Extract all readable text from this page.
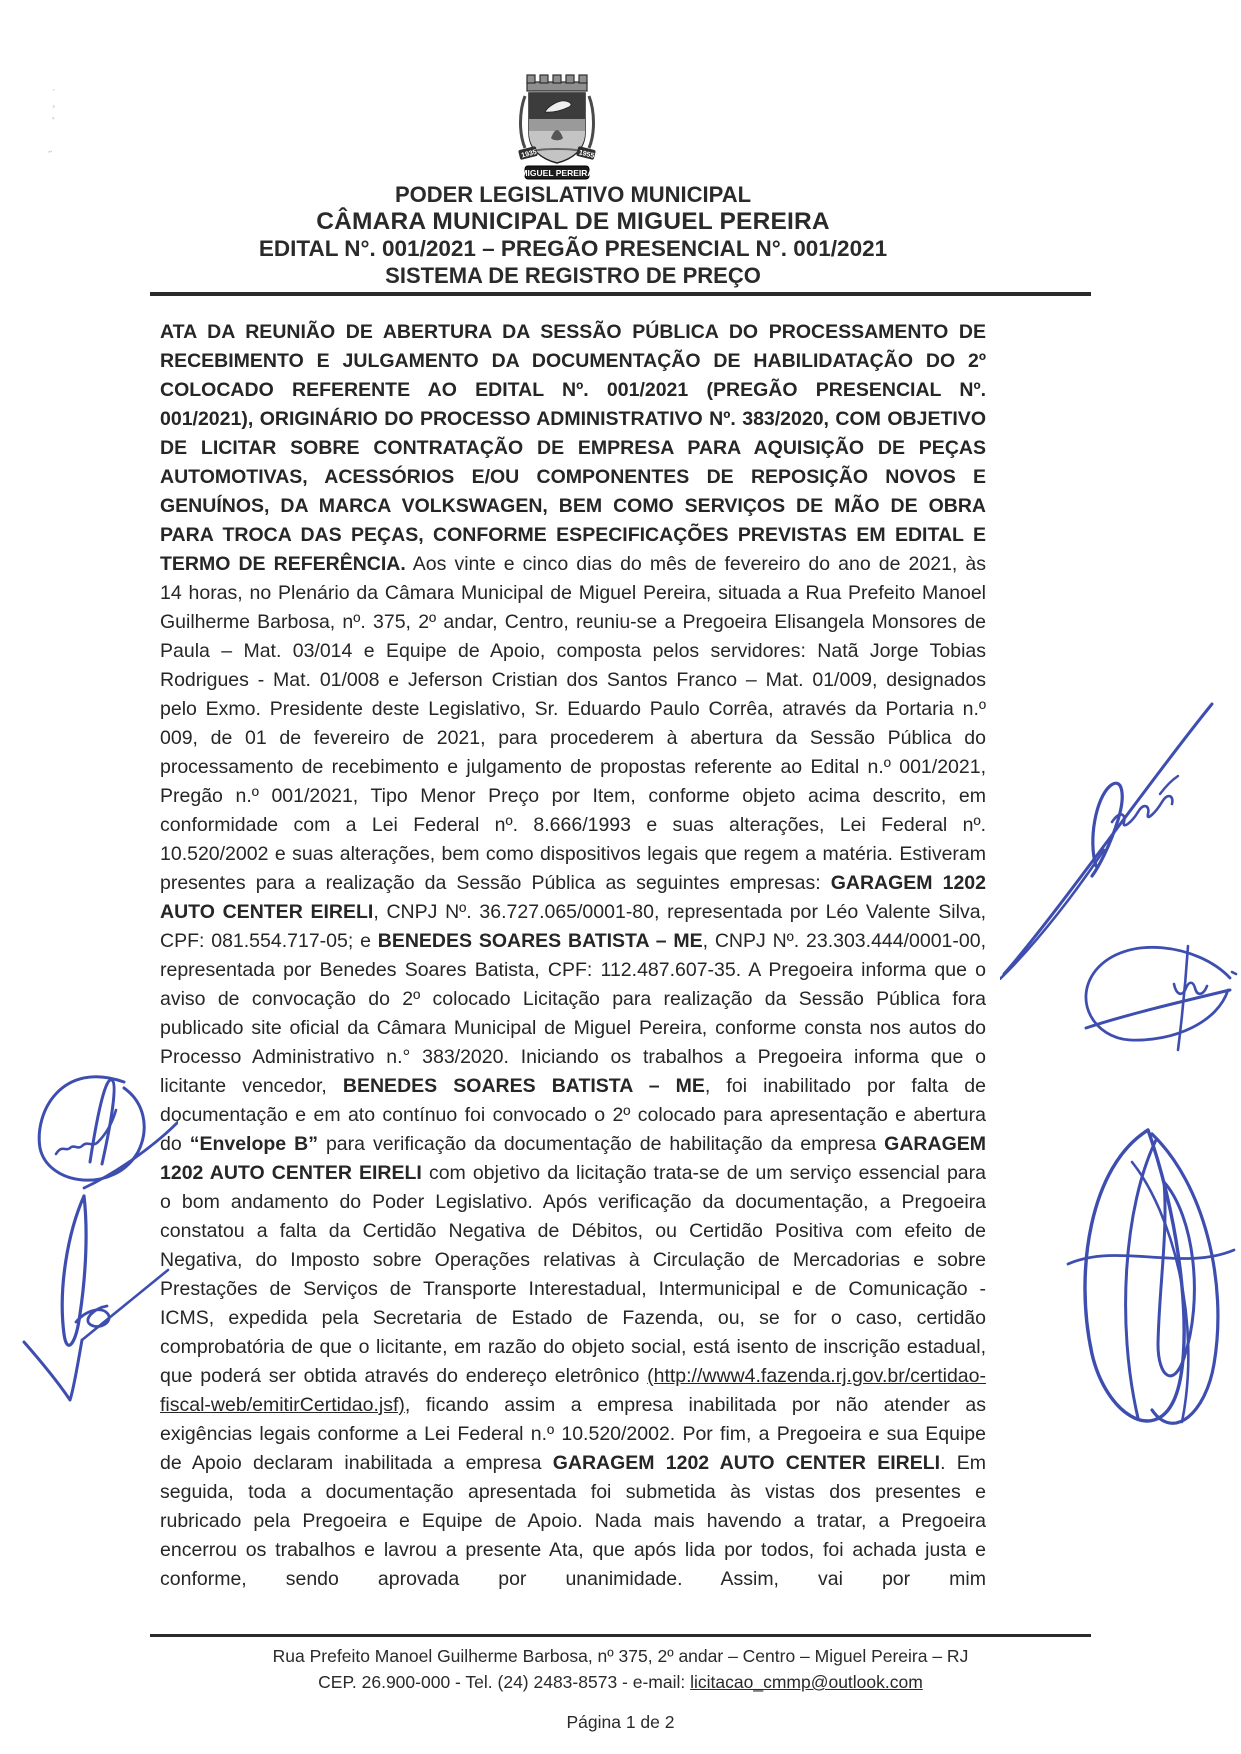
1935	1955
MIGUEL PEREIRA
PODER LEGISLATIVO MUNICIPAL
CÂMARA MUNICIPAL DE MIGUEL PEREIRA
EDITAL N°. 001/2021 – PREGÃO PRESENCIAL N°. 001/2021
SISTEMA DE REGISTRO DE PREÇO

ATA DA REUNIÃO DE ABERTURA DA SESSÃO PÚBLICA DO PROCESSAMENTO DE RECEBIMENTO E JULGAMENTO DA DOCUMENTAÇÃO DE HABILIDATAÇÃO DO 2º COLOCADO REFERENTE AO EDITAL Nº. 001/2021 (PREGÃO PRESENCIAL Nº. 001/2021), ORIGINÁRIO DO PROCESSO ADMINISTRATIVO Nº. 383/2020, COM OBJETIVO DE LICITAR SOBRE CONTRATAÇÃO DE EMPRESA PARA AQUISIÇÃO DE PEÇAS AUTOMOTIVAS, ACESSÓRIOS E/OU COMPONENTES DE REPOSIÇÃO NOVOS E GENUÍNOS, DA MARCA VOLKSWAGEN, BEM COMO SERVIÇOS DE MÃO DE OBRA PARA TROCA DAS PEÇAS, CONFORME ESPECIFICAÇÕES PREVISTAS EM EDITAL E TERMO DE REFERÊNCIA. Aos vinte e cinco dias do mês de fevereiro do ano de 2021, às 14 horas, no Plenário da Câmara Municipal de Miguel Pereira, situada a Rua Prefeito Manoel Guilherme Barbosa, nº. 375, 2º andar, Centro, reuniu-se a Pregoeira Elisangela Monsores de Paula – Mat. 03/014 e Equipe de Apoio, composta pelos servidores: Natã Jorge Tobias Rodrigues - Mat. 01/008 e Jeferson Cristian dos Santos Franco – Mat. 01/009, designados pelo Exmo. Presidente deste Legislativo, Sr. Eduardo Paulo Corrêa, através da Portaria n.º 009, de 01 de fevereiro de 2021, para procederem à abertura da Sessão Pública do processamento de recebimento e julgamento de propostas referente ao Edital n.º 001/2021, Pregão n.º 001/2021, Tipo Menor Preço por Item, conforme objeto acima descrito, em conformidade com a Lei Federal nº. 8.666/1993 e suas alterações, Lei Federal nº. 10.520/2002 e suas alterações, bem como dispositivos legais que regem a matéria. Estiveram presentes para a realização da Sessão Pública as seguintes empresas: GARAGEM 1202 AUTO CENTER EIRELI, CNPJ Nº. 36.727.065/0001-80, representada por Léo Valente Silva, CPF: 081.554.717-05; e BENEDES SOARES BATISTA – ME, CNPJ Nº. 23.303.444/0001-00, representada por Benedes Soares Batista, CPF: 112.487.607-35. A Pregoeira informa que o aviso de convocação do 2º colocado Licitação para realização da Sessão Pública fora publicado site oficial da Câmara Municipal de Miguel Pereira, conforme consta nos autos do Processo Administrativo n.° 383/2020. Iniciando os trabalhos a Pregoeira informa que o licitante vencedor, BENEDES SOARES BATISTA – ME, foi inabilitado por falta de documentação e em ato contínuo foi convocado o 2º colocado para apresentação e abertura do “Envelope B” para verificação da documentação de habilitação da empresa GARAGEM 1202 AUTO CENTER EIRELI com objetivo da licitação trata-se de um serviço essencial para o bom andamento do Poder Legislativo. Após verificação da documentação, a Pregoeira constatou a falta da Certidão Negativa de Débitos, ou Certidão Positiva com efeito de Negativa, do Imposto sobre Operações relativas à Circulação de Mercadorias e sobre Prestações de Serviços de Transporte Interestadual, Intermunicipal e de Comunicação - ICMS, expedida pela Secretaria de Estado de Fazenda, ou, se for o caso, certidão comprobatória de que o licitante, em razão do objeto social, está isento de inscrição estadual, que poderá ser obtida através do endereço eletrônico (http://www4.fazenda.rj.gov.br/certidao-fiscal-web/emitirCertidao.jsf), ficando assim a empresa inabilitada por não atender as exigências legais conforme a Lei Federal n.º 10.520/2002. Por fim, a Pregoeira e sua Equipe de Apoio declaram inabilitada a empresa GARAGEM 1202 AUTO CENTER EIRELI. Em seguida, toda a documentação apresentada foi submetida às vistas dos presentes e rubricado pela Pregoeira e Equipe de Apoio. Nada mais havendo a tratar, a Pregoeira encerrou os trabalhos e lavrou a presente Ata, que após lida por todos, foi achada justa e conforme, sendo aprovada por unanimidade. Assim, vai por mim

Rua Prefeito Manoel Guilherme Barbosa, nº 375, 2º andar – Centro – Miguel Pereira – RJ
CEP. 26.900-000 - Tel. (24) 2483-8573 - e-mail: licitacao_cmmp@outlook.com
Página 1 de 2
·
¸
˛
˝
